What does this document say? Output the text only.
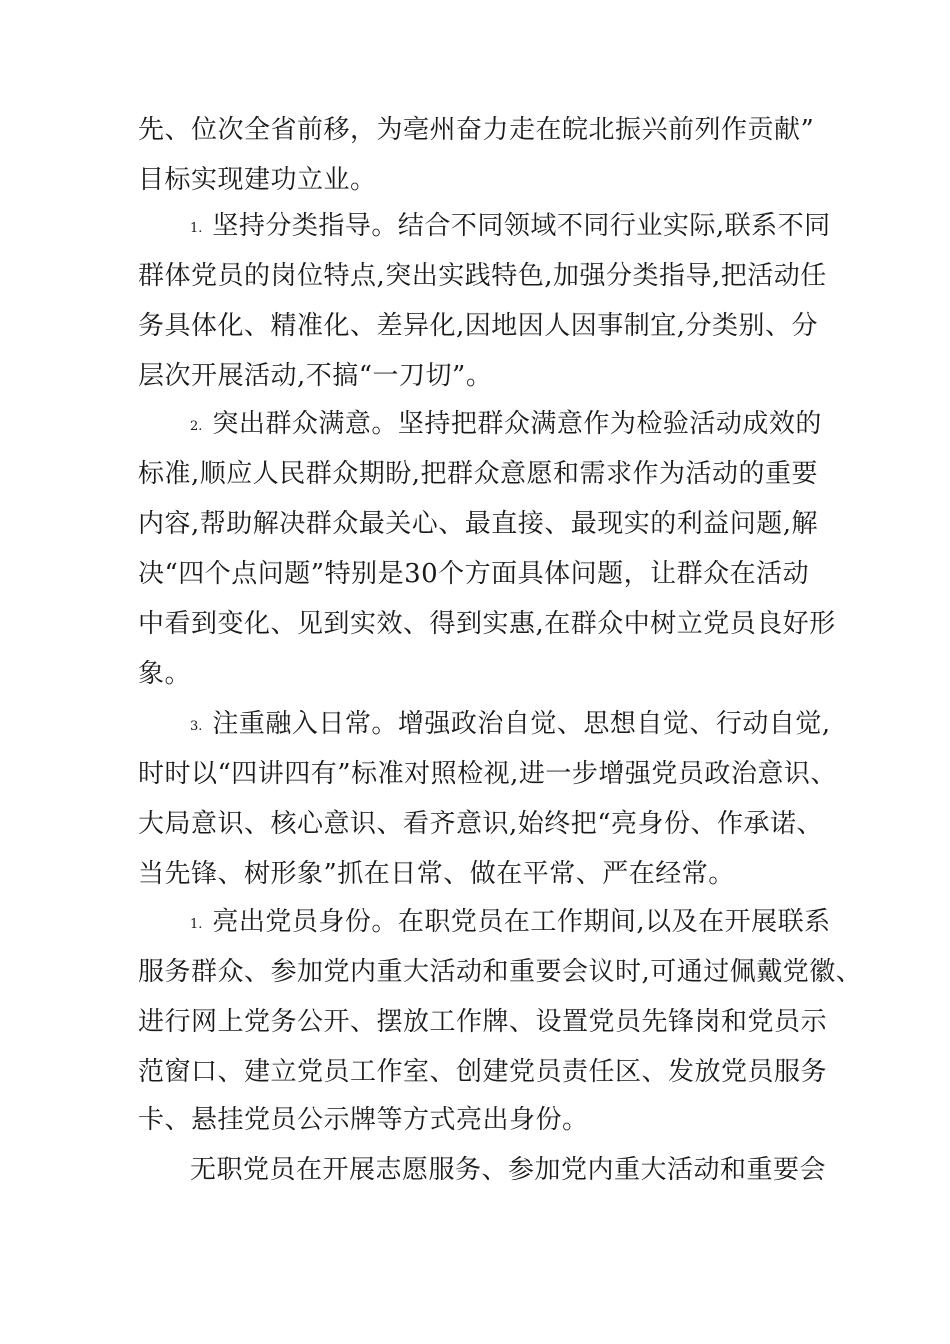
先、位次全省前移，为亳州奋力走在皖北振兴前列作贡献”
目标实现建功立业。
1. 坚持分类指导。结合不同领域不同行业实际,联系不同
群体党员的岗位特点,突出实践特色,加强分类指导,把活动任
务具体化、精准化、差异化,因地因人因事制宜,分类别、分
层次开展活动,不搞“一刀切”。
2. 突出群众满意。坚持把群众满意作为检验活动成效的
标准,顺应人民群众期盼,把群众意愿和需求作为活动的重要
内容,帮助解决群众最关心、最直接、最现实的利益问题,解
决“四个点问题”特别是30个方面具体问题，让群众在活动
中看到变化、见到实效、得到实惠,在群众中树立党员良好形
象。
3. 注重融入日常。增强政治自觉、思想自觉、行动自觉,
时时以“四讲四有”标准对照检视,进一步增强党员政治意识、
大局意识、核心意识、看齐意识,始终把“亮身份、作承诺、
当先锋、树形象”抓在日常、做在平常、严在经常。
1. 亮出党员身份。在职党员在工作期间,以及在开展联系
服务群众、参加党内重大活动和重要会议时,可通过佩戴党徽、
进行网上党务公开、摆放工作牌、设置党员先锋岗和党员示
范窗口、建立党员工作室、创建党员责任区、发放党员服务
卡、悬挂党员公示牌等方式亮出身份。
无职党员在开展志愿服务、参加党内重大活动和重要会
